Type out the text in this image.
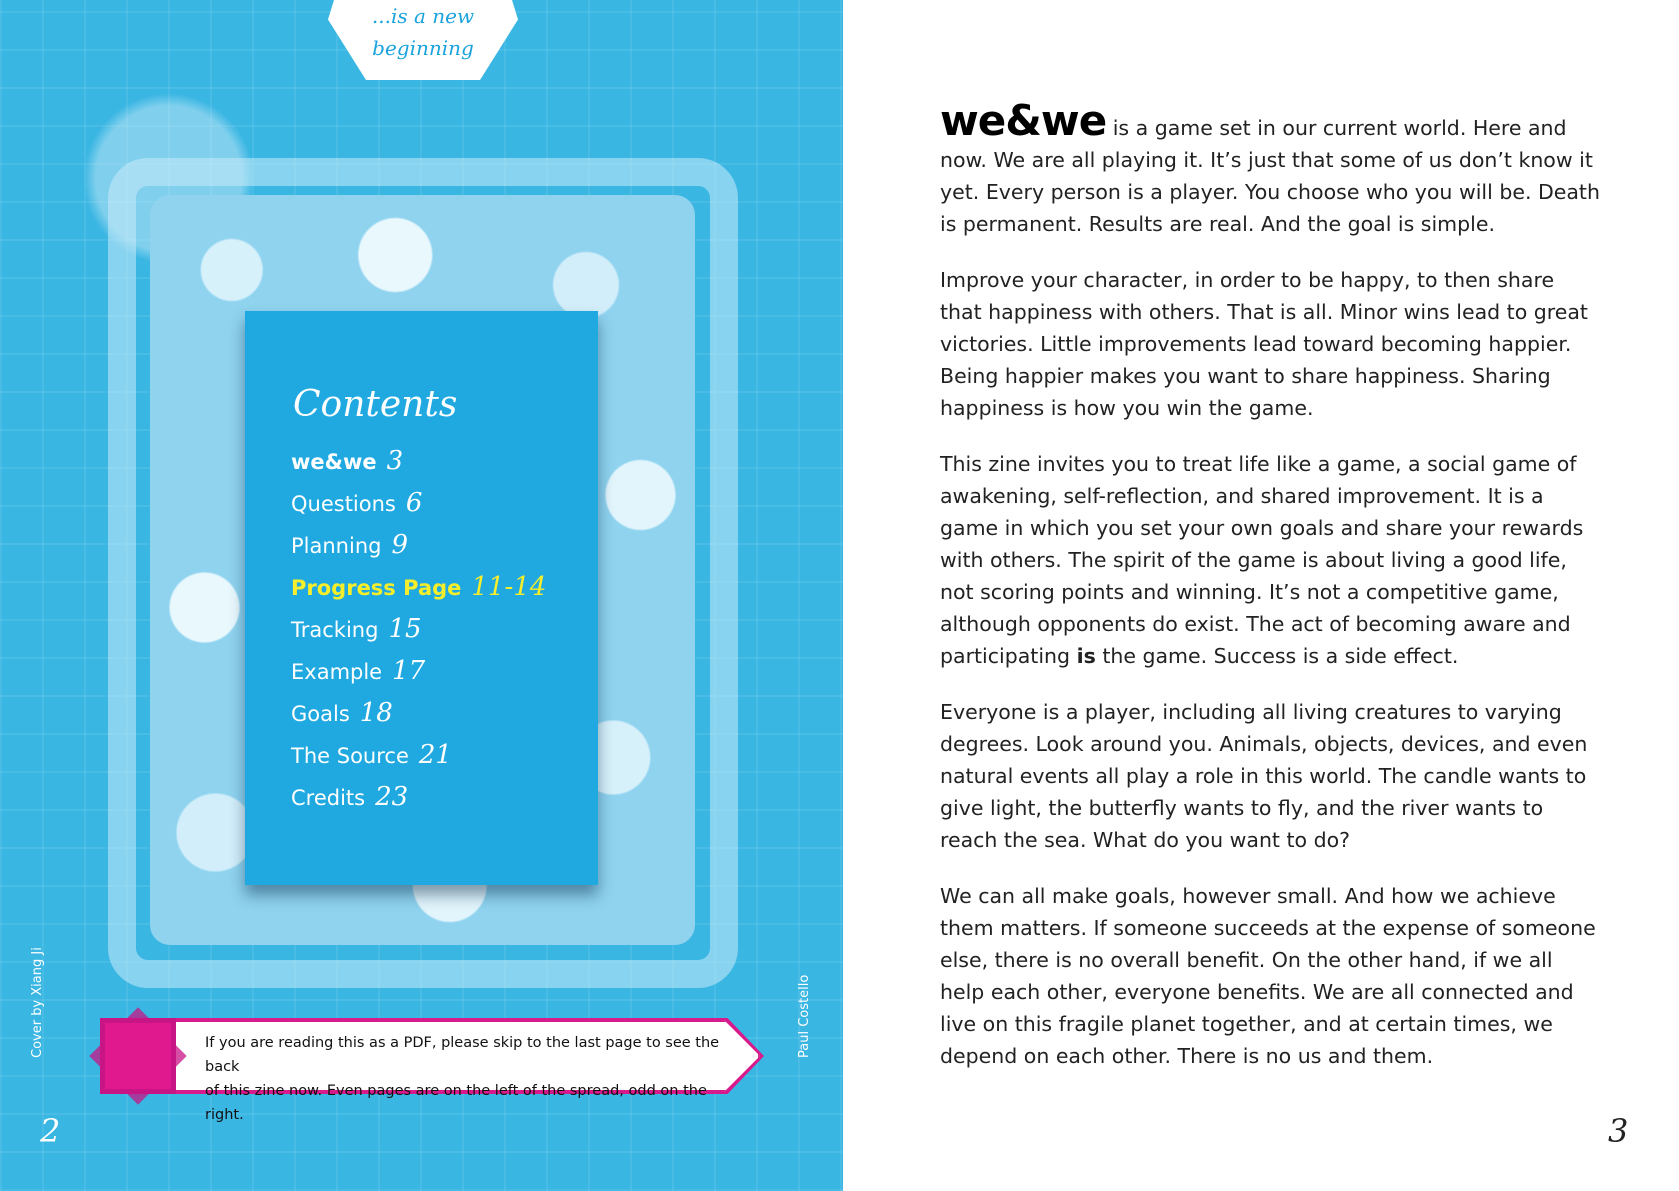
...is a new
beginning
Contents
we&we 3
Questions 6
Planning 9
Progress Page 11-14
Tracking 15
Example 17
Goals 18
The Source 21
Credits 23
If you are reading this as a PDF, please skip to the last page to see the back
of this zine now. Even pages are on the left of the spread, odd on the right.
Cover by Xiang Ji	Paul Costello
2

we&we is a game set in our current world. Here and now. We are all playing it. It’s just that some of us don’t know it yet. Every person is a player. You choose who you will be. Death is permanent. Results are real. And the goal is simple.

Improve your character, in order to be happy, to then share that happiness with others. That is all. Minor wins lead to great victories. Little improvements lead toward becoming happier. Being happier makes you want to share happiness. Sharing happiness is how you win the game.

This zine invites you to treat life like a game, a social game of awakening, self-reflection, and shared improvement. It is a game in which you set your own goals and share your rewards with others. The spirit of the game is about living a good life, not scoring points and winning. It’s not a competitive game, although opponents do exist. The act of becoming aware and participating is the game. Success is a side effect.

Everyone is a player, including all living creatures to varying degrees. Look around you. Animals, objects, devices, and even natural events all play a role in this world. The candle wants to give light, the butterfly wants to fly, and the river wants to reach the sea. What do you want to do?

We can all make goals, however small. And how we achieve them matters. If someone succeeds at the expense of someone else, there is no overall benefit. On the other hand, if we all help each other, everyone benefits. We are all connected and live on this fragile planet together, and at certain times, we depend on each other. There is no us and them.

3
